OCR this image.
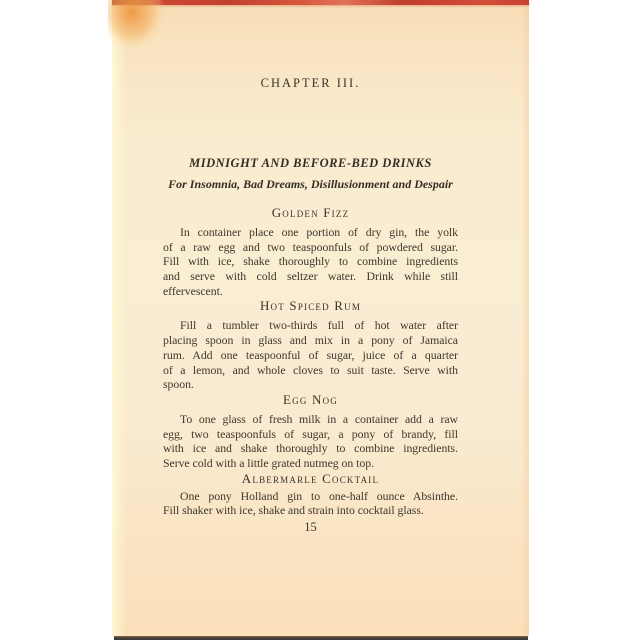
CHAPTER III.

MIDNIGHT AND BEFORE-BED DRINKS

For Insomnia, Bad Dreams, Disillusionment and Despair

Golden Fizz

In container place one portion of dry gin, the yolk

of a raw egg and two teaspoonfuls of powdered sugar.

Fill with ice, shake thoroughly to combine ingredients

and serve with cold seltzer water. Drink while still

effervescent.

Hot Spiced Rum

Fill a tumbler two-thirds full of hot water after

placing spoon in glass and mix in a pony of Jamaica

rum. Add one teaspoonful of sugar, juice of a quarter

of a lemon, and whole cloves to suit taste. Serve with

spoon.

Egg Nog

To one glass of fresh milk in a container add a raw

egg, two teaspoonfuls of sugar, a pony of brandy, fill

with ice and shake thoroughly to combine ingredients.

Serve cold with a little grated nutmeg on top.

Albermarle Cocktail

One pony Holland gin to one-half ounce Absinthe.

Fill shaker with ice, shake and strain into cocktail glass.

15
